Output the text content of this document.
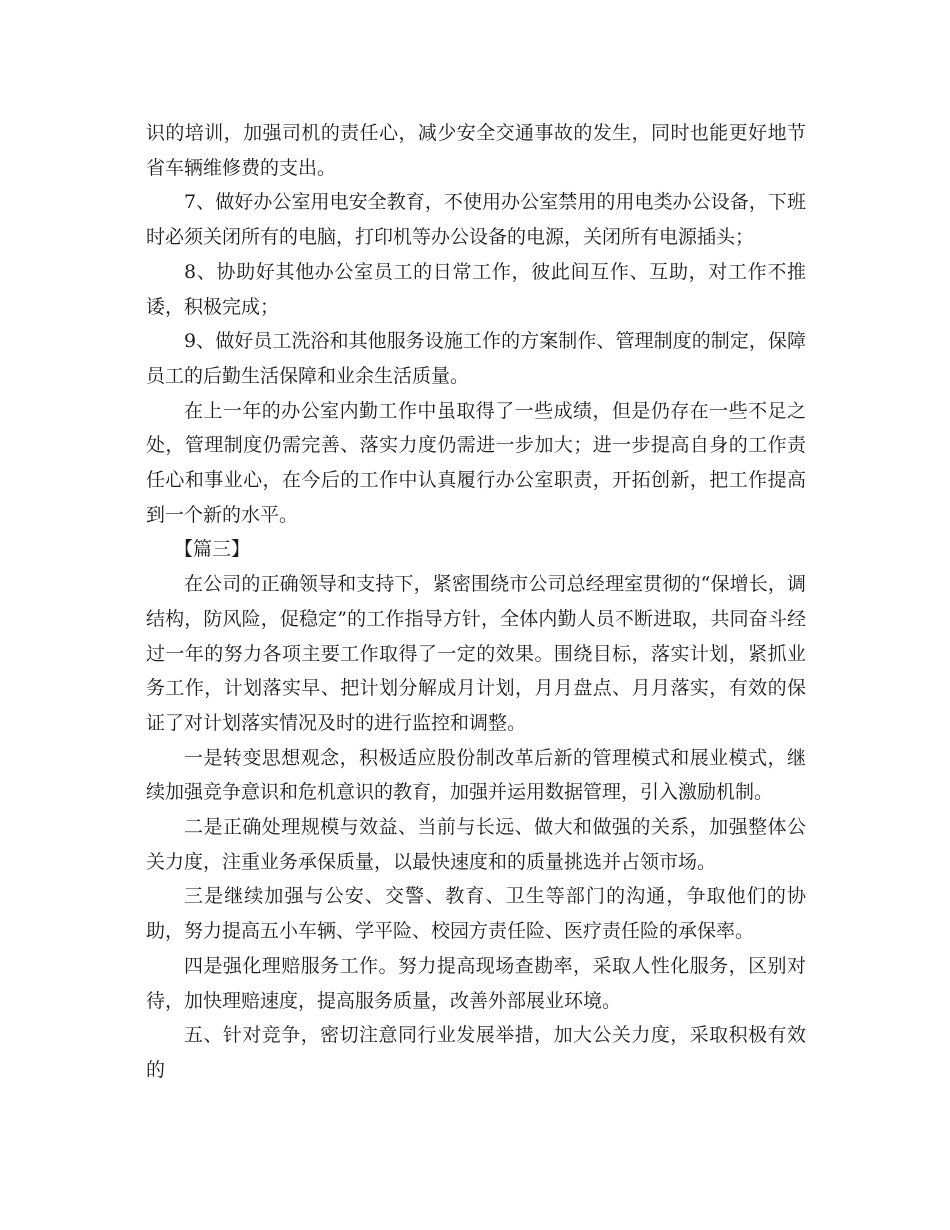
识的培训，加强司机的责任心，减少安全交通事故的发生，同时也能更好地节省车辆维修费的支出。

7、做好办公室用电安全教育，不使用办公室禁用的用电类办公设备，下班时必须关闭所有的电脑，打印机等办公设备的电源，关闭所有电源插头；

8、协助好其他办公室员工的日常工作，彼此间互作、互助，对工作不推诿，积极完成；

9、做好员工洗浴和其他服务设施工作的方案制作、管理制度的制定，保障员工的后勤生活保障和业余生活质量。

在上一年的办公室内勤工作中虽取得了一些成绩，但是仍存在一些不足之处，管理制度仍需完善、落实力度仍需进一步加大；进一步提高自身的工作责任心和事业心，在今后的工作中认真履行办公室职责，开拓创新，把工作提高到一个新的水平。

【篇三】

在公司的正确领导和支持下，紧密围绕市公司总经理室贯彻的“保增长，调结构，防风险，促稳定”的工作指导方针，全体内勤人员不断进取，共同奋斗经过一年的努力各项主要工作取得了一定的效果。围绕目标，落实计划，紧抓业务工作，计划落实早、把计划分解成月计划，月月盘点、月月落实，有效的保证了对计划落实情况及时的进行监控和调整。

一是转变思想观念，积极适应股份制改革后新的管理模式和展业模式，继续加强竞争意识和危机意识的教育，加强并运用数据管理，引入激励机制。

二是正确处理规模与效益、当前与长远、做大和做强的关系，加强整体公关力度，注重业务承保质量，以最快速度和的质量挑选并占领市场。

三是继续加强与公安、交警、教育、卫生等部门的沟通，争取他们的协助，努力提高五小车辆、学平险、校园方责任险、医疗责任险的承保率。

四是强化理赔服务工作。努力提高现场查勘率，采取人性化服务，区别对待，加快理赔速度，提高服务质量，改善外部展业环境。

五、针对竞争，密切注意同行业发展举措，加大公关力度，采取积极有效的
